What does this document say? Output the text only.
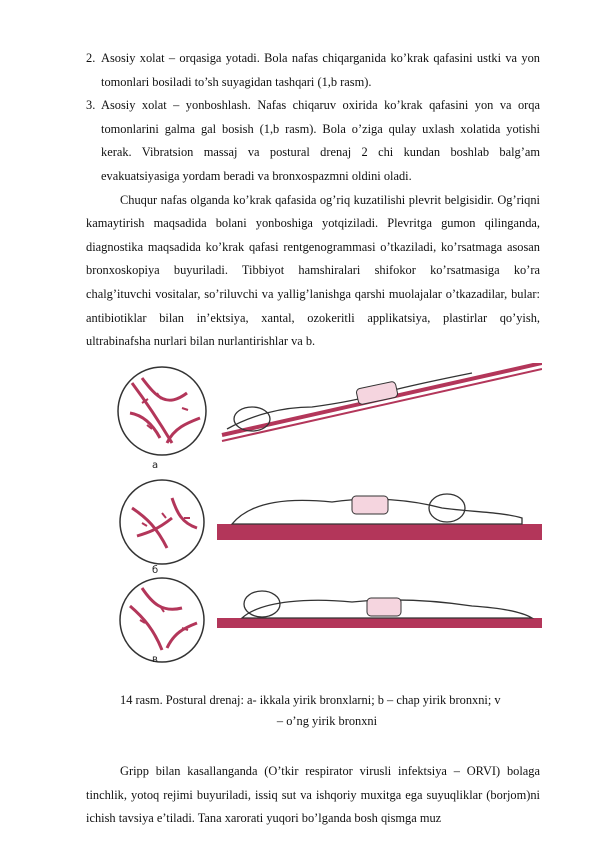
2. Asosiy xolat – orqasiga yotadi. Bola nafas chiqarganida ko’krak qafasini ustki va yon tomonlari bosiladi to’sh suyagidan tashqari (1,b rasm).
3. Asosiy xolat – yonboshlash. Nafas chiqaruv oxirida ko’krak qafasini yon va orqa tomonlarini galma gal bosish (1,b rasm). Bola o’ziga qulay uxlash xolatida yotishi kerak. Vibratsion massaj va postural drenaj 2 chi kundan boshlab balg’am evakuatsiyasiga yordam beradi va bronxospazmni oldini oladi.

Chuqur nafas olganda ko’krak qafasida og’riq kuzatilishi plevrit belgisidir. Og’riqni kamaytirish maqsadida bolani yonboshiga yotqiziladi. Plevritga gumon qilinganda, diagnostika maqsadida ko’krak qafasi rentgenogrammasi o’tkaziladi, ko’rsatmaga asosan bronxoskopiya buyuriladi. Tibbiyot hamshiralari shifokor ko’rsatmasiga ko’ra chalg’ituvchi vositalar, so’riluvchi va yallig’lanishga qarshi muolajalar o’tkazadilar, bular: antibiotiklar bilan in’ektsiya, xantal, ozokeritli applikatsiya, plastirlar qo’yish, ultrabinafsha nurlari bilan nurlantirishlar va b.

a
б
в
14 rasm. Postural drenaj: a- ikkala yirik bronxlarni; b – chap yirik bronxni; v
– o’ng yirik bronxni

Gripp bilan kasallanganda (O’tkir respirator virusli infektsiya – ORVI) bolaga tinchlik, yotoq rejimi buyuriladi, issiq sut va ishqoriy muxitga ega suyuqliklar (borjom)ni ichish tavsiya e’tiladi. Tana xarorati yuqori bo’lganda bosh qismga muz
